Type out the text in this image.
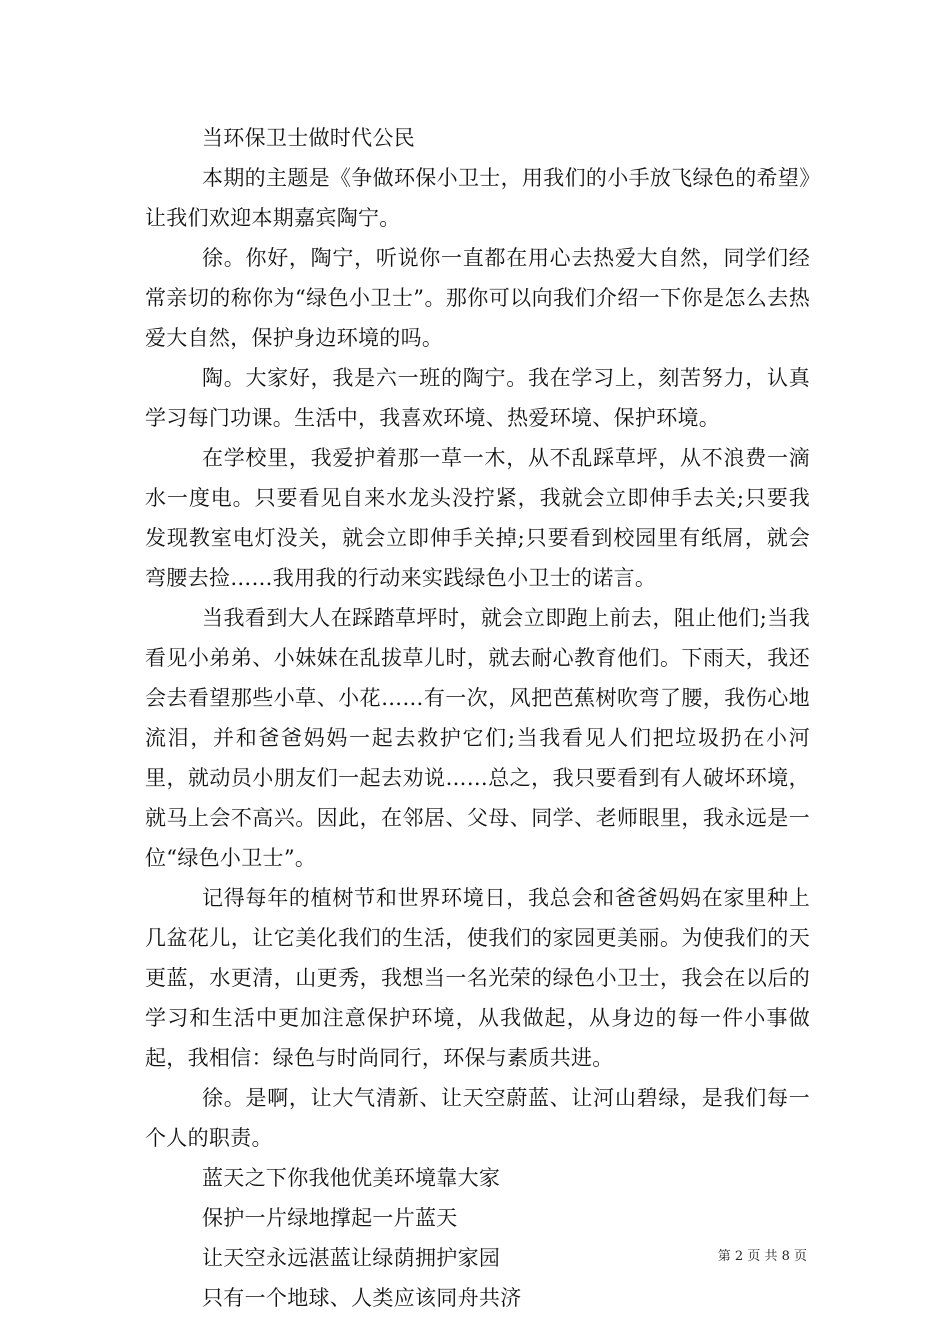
当环保卫士做时代公民

本期的主题是《争做环保小卫士，用我们的小手放飞绿色的希望》让我们欢迎本期嘉宾陶宁。

徐。你好，陶宁，听说你一直都在用心去热爱大自然，同学们经常亲切的称你为“绿色小卫士”。那你可以向我们介绍一下你是怎么去热爱大自然，保护身边环境的吗。

陶。大家好，我是六一班的陶宁。我在学习上，刻苦努力，认真学习每门功课。生活中，我喜欢环境、热爱环境、保护环境。

在学校里，我爱护着那一草一木，从不乱踩草坪，从不浪费一滴水一度电。只要看见自来水龙头没拧紧，我就会立即伸手去关;只要我发现教室电灯没关，就会立即伸手关掉;只要看到校园里有纸屑，就会弯腰去捡……我用我的行动来实践绿色小卫士的诺言。

当我看到大人在踩踏草坪时，就会立即跑上前去，阻止他们;当我看见小弟弟、小妹妹在乱拔草儿时，就去耐心教育他们。下雨天，我还会去看望那些小草、小花……有一次，风把芭蕉树吹弯了腰，我伤心地流泪，并和爸爸妈妈一起去救护它们;当我看见人们把垃圾扔在小河里，就动员小朋友们一起去劝说……总之，我只要看到有人破坏环境，就马上会不高兴。因此，在邻居、父母、同学、老师眼里，我永远是一位“绿色小卫士”。

记得每年的植树节和世界环境日，我总会和爸爸妈妈在家里种上几盆花儿，让它美化我们的生活，使我们的家园更美丽。为使我们的天更蓝，水更清，山更秀，我想当一名光荣的绿色小卫士，我会在以后的学习和生活中更加注意保护环境，从我做起，从身边的每一件小事做起，我相信：绿色与时尚同行，环保与素质共进。

徐。是啊，让大气清新、让天空蔚蓝、让河山碧绿，是我们每一个人的职责。

蓝天之下你我他优美环境靠大家

保护一片绿地撑起一片蓝天

让天空永远湛蓝让绿荫拥护家园

只有一个地球、人类应该同舟共济

第 2 页 共 8 页
